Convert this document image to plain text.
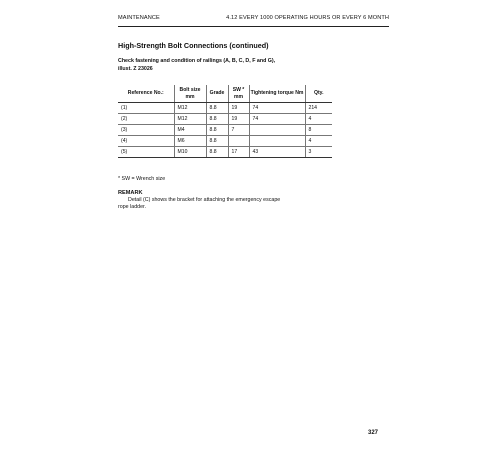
MAINTENANCE	4.12 EVERY 1000 OPERATING HOURS OR EVERY 6 MONTH
High-Strength Bolt Connections (continued)
Check fastening and condition of railings (A, B, C, D, F and G), illust. Z 23026
Reference No.:	Bolt size mm	Grade	SW * mm	Tightening torque Nm	Qty.
(1)	M12	8.8	19	74	214
(2)	M12	8.8	19	74	4
(3)	M4	8.8	7		8
(4)	M6	8.8			4
(5)	M10	8.8	17	43	3
* SW = Wrench size
REMARK
Detail (C) shows the bracket for attaching the emergency escape rope ladder.
327
